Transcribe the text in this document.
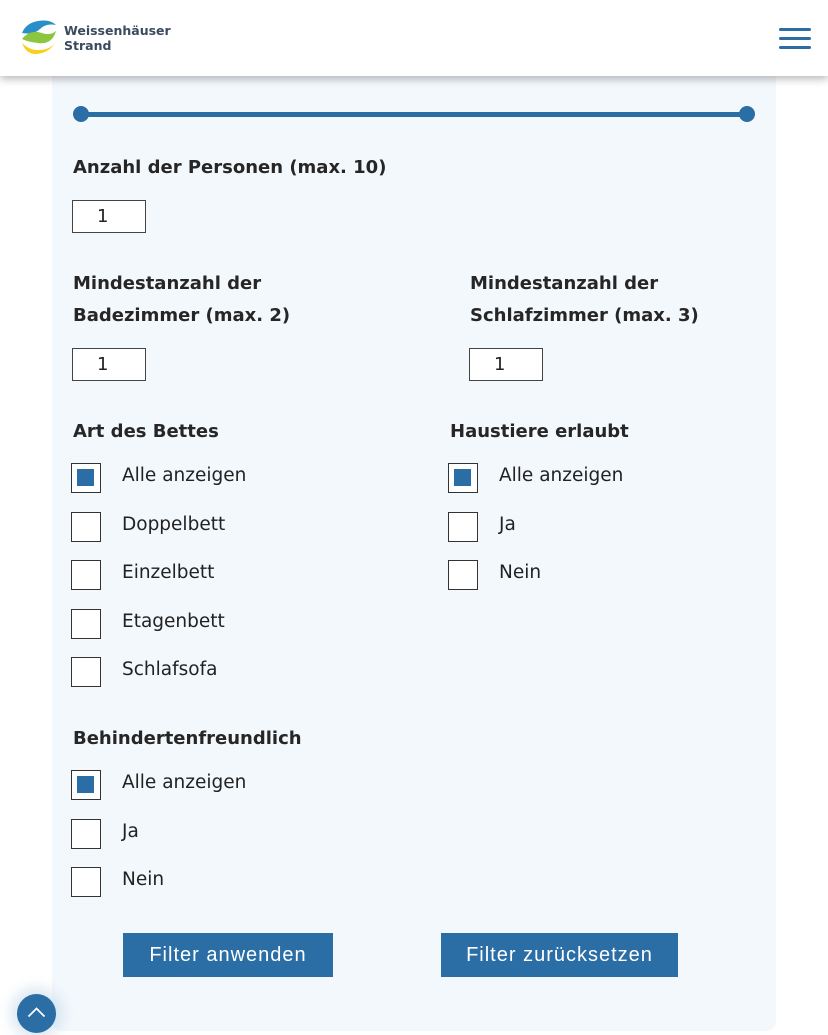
Weissenhäuser
Strand
Anzahl der Personen (max. 10)
1
Mindestanzahl der
Badezimmer (max. 2)
1
Mindestanzahl der
Schlafzimmer (max. 3)
1
Art des Bettes
Alle anzeigen
Doppelbett
Einzelbett
Etagenbett
Schlafsofa
Haustiere erlaubt
Alle anzeigen
Ja
Nein
Behindertenfreundlich
Alle anzeigen
Ja
Nein
Filter anwenden	Filter zurücksetzen
